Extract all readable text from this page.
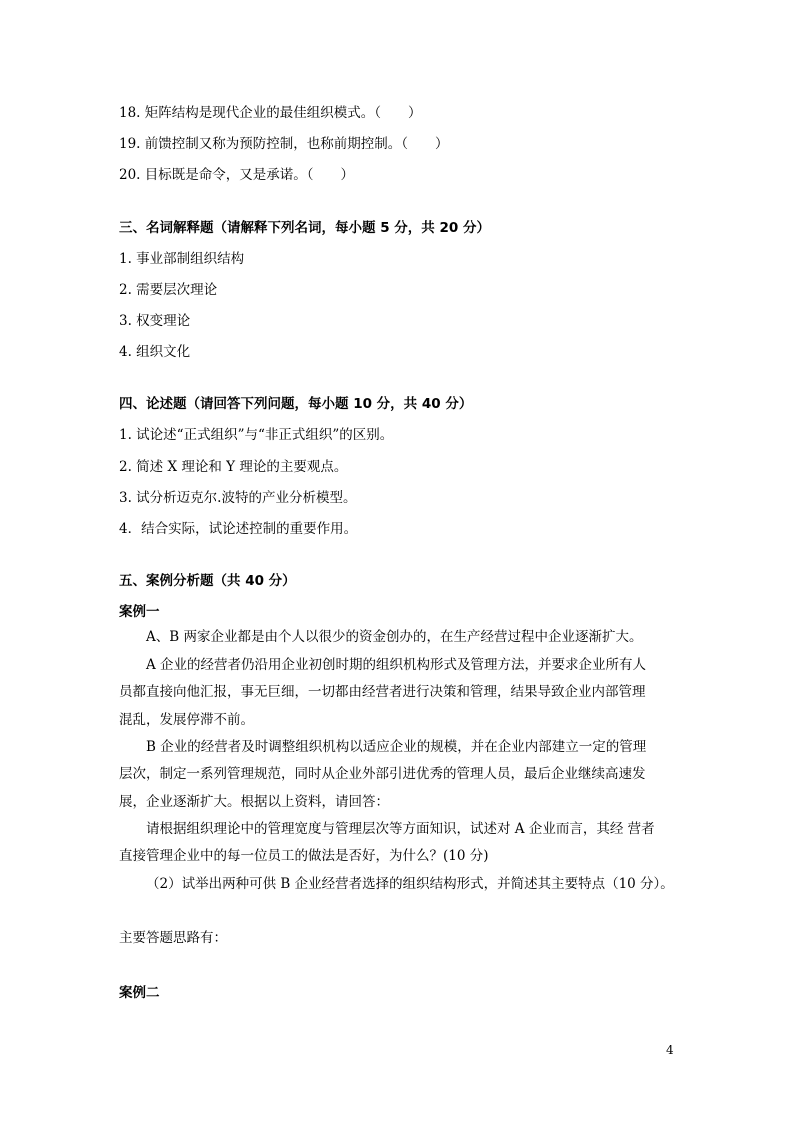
18. 矩阵结构是现代企业的最佳组织模式。（　　）
19. 前馈控制又称为预防控制，也称前期控制。（　　）
20. 目标既是命令，又是承诺。（　　）
三、名词解释题（请解释下列名词，每小题 5 分，共 20 分）
1. 事业部制组织结构
2. 需要层次理论
3. 权变理论
4. 组织文化
四、论述题（请回答下列问题，每小题 10 分，共 40 分）
1. 试论述“正式组织”与“非正式组织”的区别。
2. 简述 X 理论和 Y 理论的主要观点。
3. 试分析迈克尔.波特的产业分析模型。
4．结合实际，试论述控制的重要作用。
五、案例分析题（共 40 分）
案例一
A、B 两家企业都是由个人以很少的资金创办的，在生产经营过程中企业逐渐扩大。
A 企业的经营者仍沿用企业初创时期的组织机构形式及管理方法，并要求企业所有人
员都直接向他汇报，事无巨细，一切都由经营者进行决策和管理，结果导致企业内部管理
混乱，发展停滞不前。
B 企业的经营者及时调整组织机构以适应企业的规模，并在企业内部建立一定的管理
层次，制定一系列管理规范，同时从企业外部引进优秀的管理人员，最后企业继续高速发
展，企业逐渐扩大。根据以上资料，请回答：
请根据组织理论中的管理宽度与管理层次等方面知识，试述对 A 企业而言，其经 营者
直接管理企业中的每一位员工的做法是否好，为什么？(10 分)
（2）试举出两种可供 B 企业经营者选择的组织结构形式，并简述其主要特点（10 分）。
主要答题思路有：
案例二
4
